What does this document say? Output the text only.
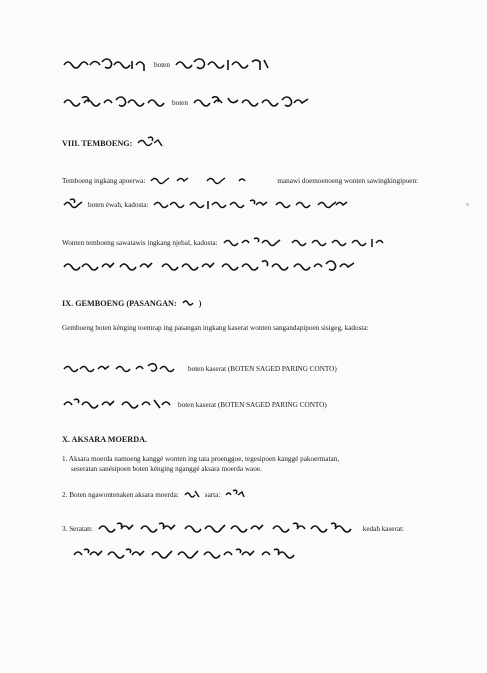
boten
boten
VIII. TEMBOENG:
Temboeng ingkang apoerwa:	manawi doemoenoeng wonten sawingkingipoen:
boten éwah, kadosta:
Wonten temboeng sawatawis ingkang njebal, kadosta:
IX. GEMBOENG (PASANGAN:	)
Gemboeng boten kénging toemrap ing pasangan ingkang kaserat wonten sangandapipoen sisigeg, kadosta:
boten kaserat (BOTEN SAGED PARING CONTO)
boten kaserat (BOTEN SAGED PARING CONTO)
X. AKSARA MOERDA.
1. Aksara moerda namoeng kanggé wonten ing tata proenggoe, tegesipoen kanggé pakoermatan,
seseratan sanésipoen boten kénging nganggé aksara moerda waoe.
2. Boten ngawontenaken aksara moerda:	sarta:
3. Seratan:	kedah kaserat:
